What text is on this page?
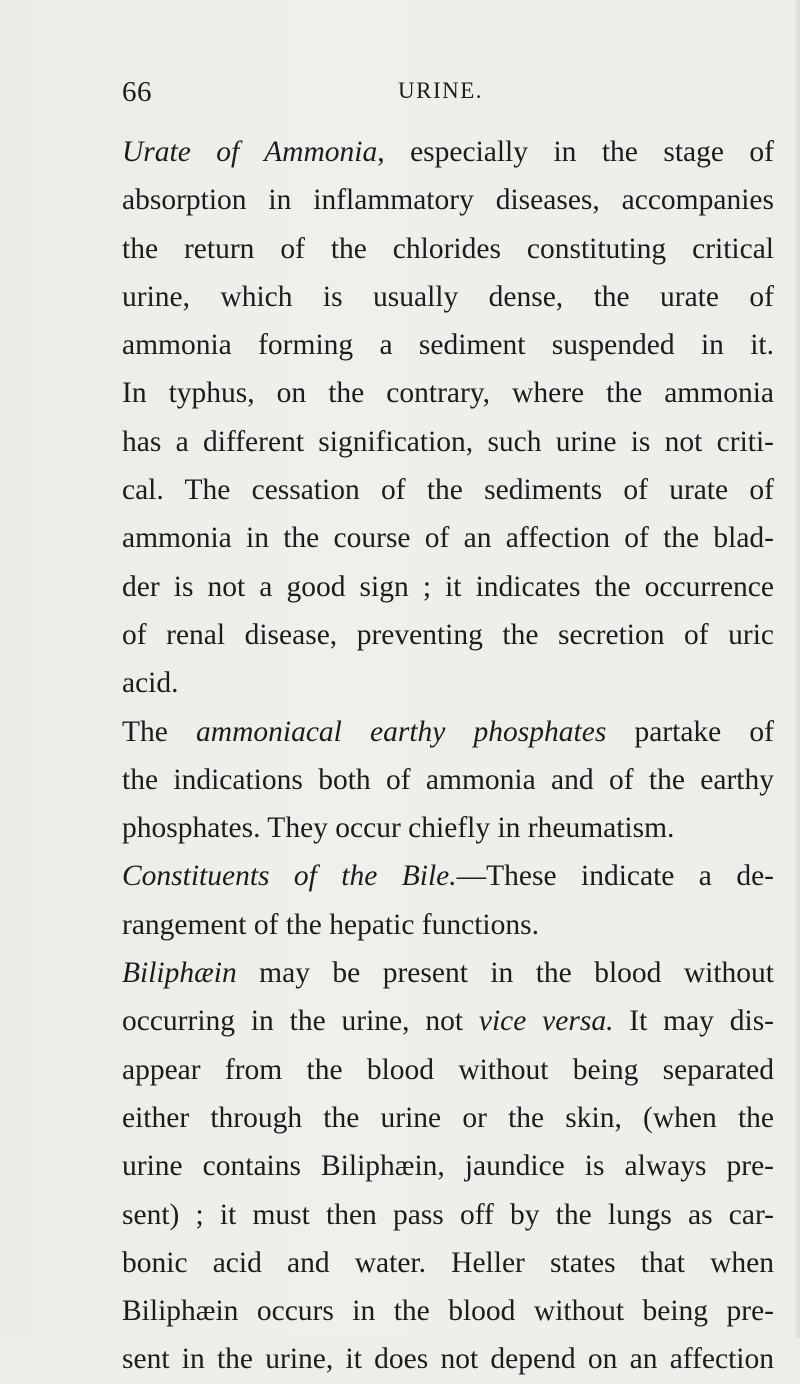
66	URINE.
Urate of Ammonia, especially in the stage of
absorption in inflammatory diseases, accompanies
the return of the chlorides constituting critical
urine, which is usually dense, the urate of
ammonia forming a sediment suspended in it.
In typhus, on the contrary, where the ammonia
has a different signification, such urine is not criti-
cal. The cessation of the sediments of urate of
ammonia in the course of an affection of the blad-
der is not a good sign ; it indicates the occurrence
of renal disease, preventing the secretion of uric
acid.
The ammoniacal earthy phosphates partake of
the indications both of ammonia and of the earthy
phosphates. They occur chiefly in rheumatism.
Constituents of the Bile.—These indicate a de-
rangement of the hepatic functions.
Biliphæin may be present in the blood without
occurring in the urine, not vice versa. It may dis-
appear from the blood without being separated
either through the urine or the skin, (when the
urine contains Biliphæin, jaundice is always pre-
sent) ; it must then pass off by the lungs as car-
bonic acid and water. Heller states that when
Biliphæin occurs in the blood without being pre-
sent in the urine, it does not depend on an affection
